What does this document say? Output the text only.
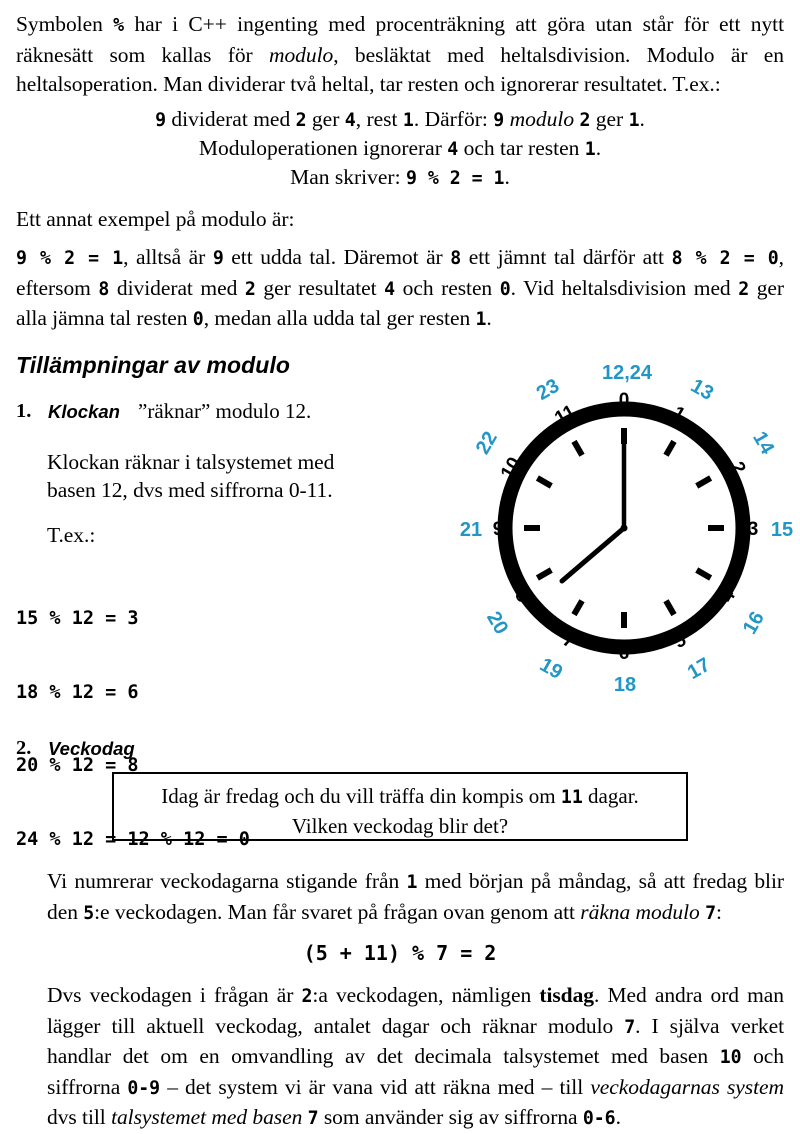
Symbolen % har i C++ ingenting med procenträkning att göra utan står för ett nytt räknesätt som kallas för modulo, besläktat med heltalsdivision. Modulo är en heltalsoperation. Man dividerar två heltal, tar resten och ignorerar resultatet. T.ex.:
9 dividerat med 2 ger 4, rest 1. Därför: 9 modulo 2 ger 1.
Moduloperationen ignorerar 4 och tar resten 1.
Man skriver: 9 % 2 = 1.
Ett annat exempel på modulo är:
9 % 2 = 1, alltså är 9 ett udda tal. Däremot är 8 ett jämnt tal därför att 8 % 2 = 0, eftersom 8 dividerat med 2 ger resultatet 4 och resten 0. Vid heltalsdivision med 2 ger alla jämna tal resten 0, medan alla udda tal ger resten 1.
Tillämpningar av modulo
1. Klockan ”räknar” modulo 12.
Klockan räknar i talsystemet med
basen 12, dvs med siffrorna 0-11.
T.ex.:

15 % 12 = 3

18 % 12 = 6

20 % 12 = 8

24 % 12 = 12 % 12 = 0

0
1
2
3
4
5
6
7
8
9
10
11
12,24
13
14
15
16
17
18
19
20
21
22
23
2. Veckodag
Idag är fredag och du vill träffa din kompis om 11 dagar.
Vilken veckodag blir det?
Vi numrerar veckodagarna stigande från 1 med början på måndag, så att fredag blir den 5:e veckodagen. Man får svaret på frågan ovan genom att räkna modulo 7:
(5 + 11) % 7 = 2
Dvs veckodagen i frågan är 2:a veckodagen, nämligen tisdag. Med andra ord man lägger till aktuell veckodag, antalet dagar och räknar modulo 7. I själva verket handlar det om en omvandling av det decimala talsystemet med basen 10 och siffrorna 0-9 – det system vi är vana vid att räkna med – till veckodagarnas system dvs till talsystemet med basen 7 som använder sig av siffrorna 0-6.
